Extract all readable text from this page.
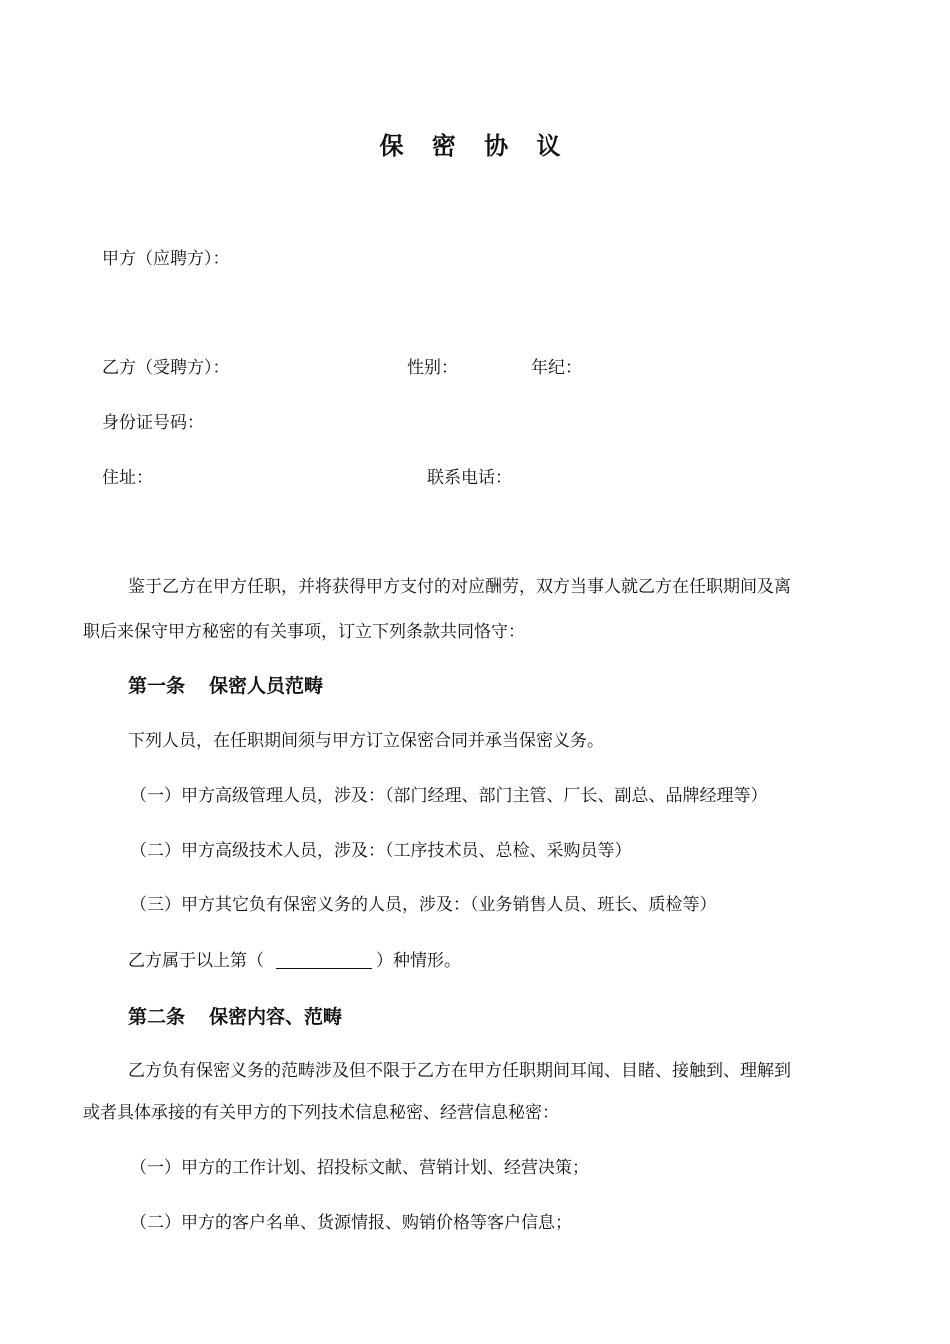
保 密 协 议
甲方（应聘方）：
乙方（受聘方）：	性别：	年纪：
身份证号码：
住址：	联系电话：
鉴于乙方在甲方任职，并将获得甲方支付的对应酬劳，双方当事人就乙方在任职期间及离
职后来保守甲方秘密的有关事项，订立下列条款共同恪守：
第一条 保密人员范畴
下列人员，在任职期间须与甲方订立保密合同并承当保密义务。
（一）甲方高级管理人员，涉及：（部门经理、部门主管、厂长、副总、品牌经理等）
（二）甲方高级技术人员，涉及：（工序技术员、总检、采购员等）
（三）甲方其它负有保密义务的人员，涉及：（业务销售人员、班长、质检等）
乙方属于以上第（	）种情形。
第二条 保密内容、范畴
乙方负有保密义务的范畴涉及但不限于乙方在甲方任职期间耳闻、目睹、接触到、理解到
或者具体承接的有关甲方的下列技术信息秘密、经营信息秘密：
（一）甲方的工作计划、招投标文献、营销计划、经营决策；
（二）甲方的客户名单、货源情报、购销价格等客户信息；
